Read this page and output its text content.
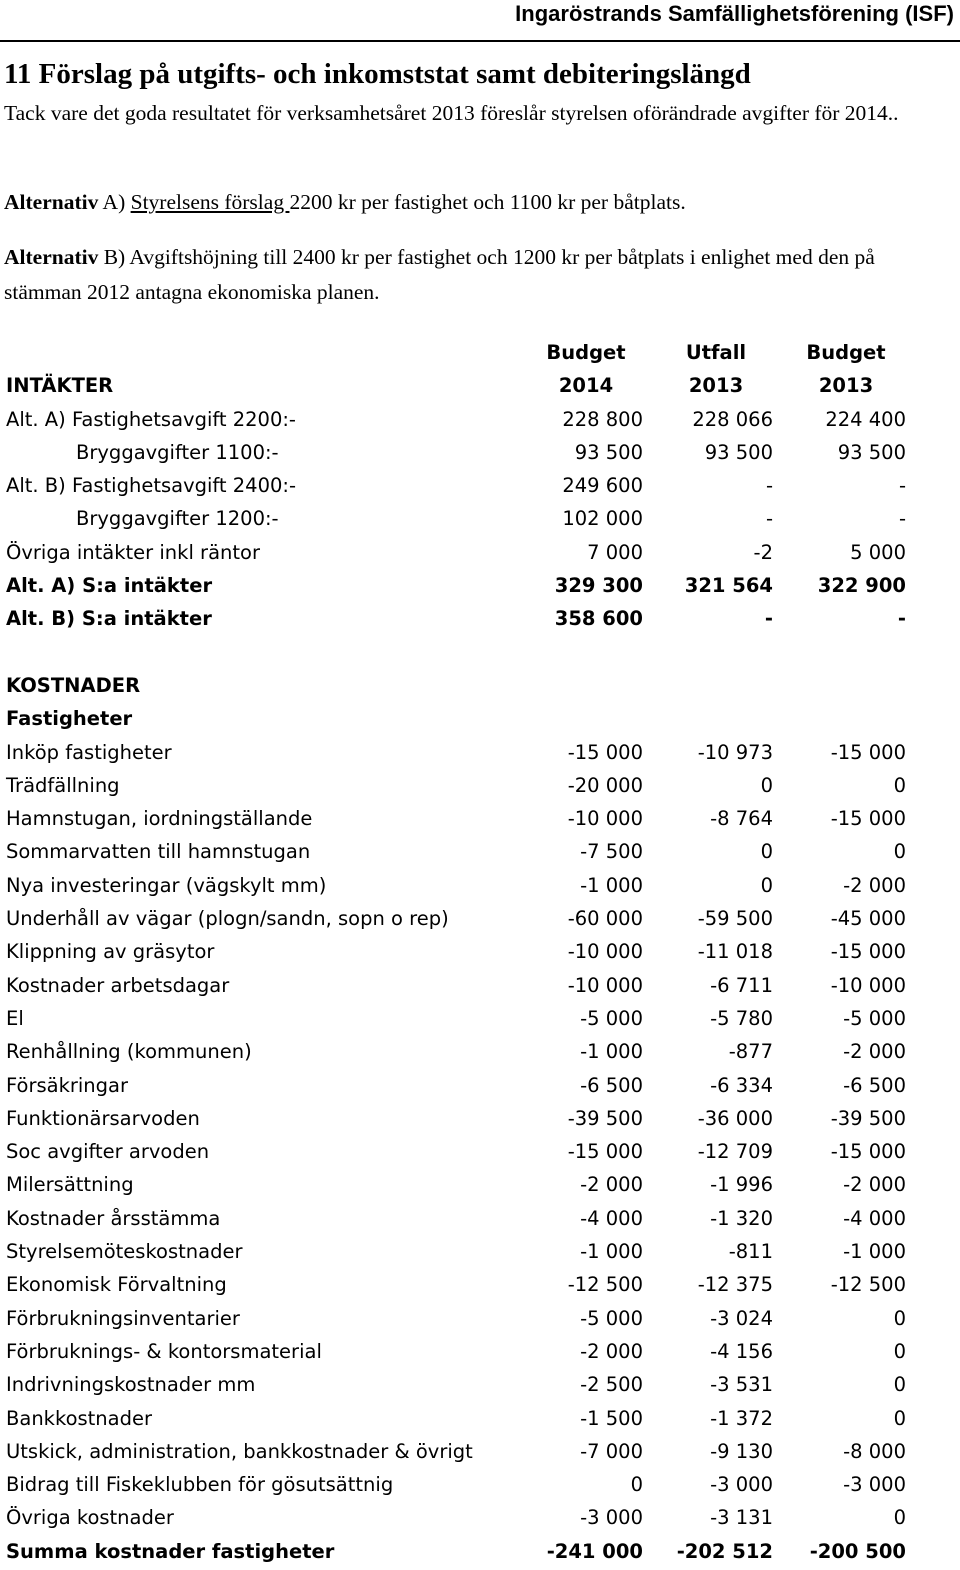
Ingaröstrands Samfällighetsförening (ISF)
11 Förslag på utgifts- och inkomststat samt debiteringslängd
Tack vare det goda resultatet för verksamhetsåret 2013 föreslår styrelsen oförändrade avgifter för 2014..
Alternativ A) Styrelsens förslag 2200 kr per fastighet och 1100 kr per båtplats.
Alternativ B) Avgiftshöjning till 2400 kr per fastighet och 1200 kr per båtplats i enlighet med den på stämman 2012 antagna ekonomiska planen.
Budget	Utfall	Budget
INTÄKTER	2014	2013	2013
Alt. A) Fastighetsavgift 2200:-	228 800	228 066	224 400
Bryggavgifter 1100:-	93 500	93 500	93 500
Alt. B) Fastighetsavgift 2400:-	249 600	-	-
Bryggavgifter 1200:-	102 000	-	-
Övriga intäkter inkl räntor	7 000	-2	5 000
Alt. A) S:a intäkter	329 300	321 564	322 900
Alt. B) S:a intäkter	358 600	-	-
KOSTNADER
Fastigheter
Inköp fastigheter	-15 000	-10 973	-15 000
Trädfällning	-20 000	0	0
Hamnstugan, iordningställande	-10 000	-8 764	-15 000
Sommarvatten till hamnstugan	-7 500	0	0
Nya investeringar (vägskylt mm)	-1 000	0	-2 000
Underhåll av vägar (plogn/sandn, sopn o rep)	-60 000	-59 500	-45 000
Klippning av gräsytor	-10 000	-11 018	-15 000
Kostnader arbetsdagar	-10 000	-6 711	-10 000
El	-5 000	-5 780	-5 000
Renhållning (kommunen)	-1 000	-877	-2 000
Försäkringar	-6 500	-6 334	-6 500
Funktionärsarvoden	-39 500	-36 000	-39 500
Soc avgifter arvoden	-15 000	-12 709	-15 000
Milersättning	-2 000	-1 996	-2 000
Kostnader årsstämma	-4 000	-1 320	-4 000
Styrelsemöteskostnader	-1 000	-811	-1 000
Ekonomisk Förvaltning	-12 500	-12 375	-12 500
Förbrukningsinventarier	-5 000	-3 024	0
Förbruknings- & kontorsmaterial	-2 000	-4 156	0
Indrivningskostnader mm	-2 500	-3 531	0
Bankkostnader	-1 500	-1 372	0
Utskick, administration, bankkostnader & övrigt	-7 000	-9 130	-8 000
Bidrag till Fiskeklubben för gösutsättnig	0	-3 000	-3 000
Övriga kostnader	-3 000	-3 131	0
Summa kostnader fastigheter	-241 000	-202 512	-200 500
